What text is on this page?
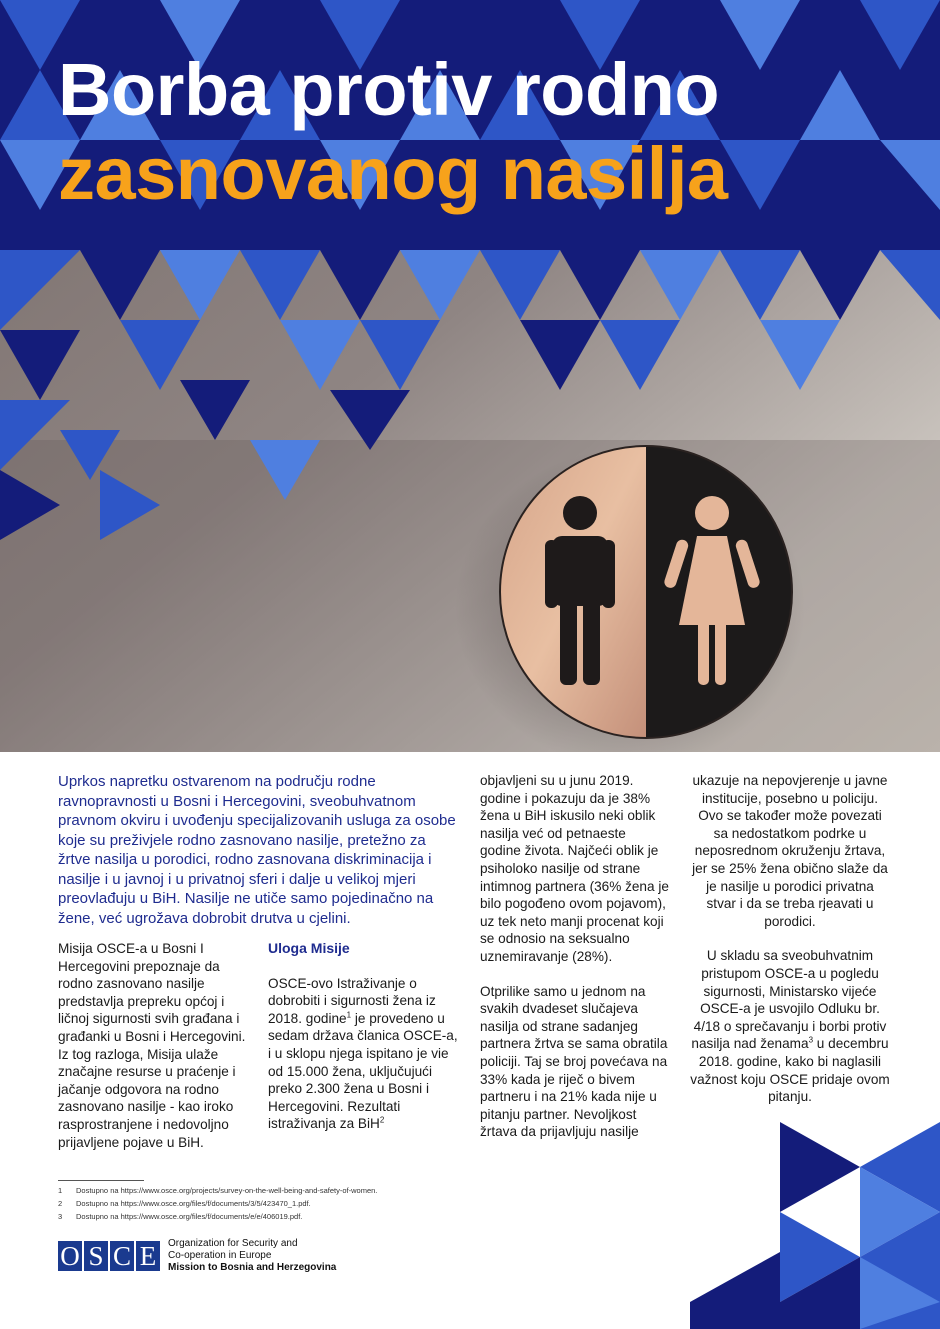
Borba protiv rodno
zasnovanog nasilja

Uprkos napretku ostvarenom na području rodne ravnopravnosti u Bosni i Hercegovini, sveobuhvatnom pravnom okviru i uvođenju specijalizovanih usluga za osobe koje su preživjele rodno zasnovano nasilje, pretežno za žrtve nasilja u porodici, rodno zasnovana diskriminacija i nasilje i u javnoj i u privatnoj sferi i dalje u velikoj mjeri preovlađuju u BiH. Nasilje ne utiče samo pojedinačno na žene, već ugrožava dobrobit drutva u cjelini.

Misija OSCE-a u Bosni I Hercegovini prepoznaje da rodno zasnovano nasilje predstavlja prepreku općoj i ličnoj sigurnosti svih građana i građanki u Bosni i Hercegovini. Iz tog razloga, Misija ulaže značajne resurse u praćenje i jačanje odgovora na rodno zasnovano nasilje - kao iroko rasprostranjene i nedovoljno prijavljene pojave u BiH.

Uloga Misije

OSCE-ovo Istraživanje o dobrobiti i sigurnosti žena iz 2018. godine$^1$ je provedeno u sedam država članica OSCE-a, i u sklopu njega ispitano je vie od 15.000 žena, uključujući preko 2.300 žena u Bosni i Hercegovini. Rezultati istraživanja za BiH$^2$

objavljeni su u junu 2019. godine i pokazuju da je 38% žena u BiH iskusilo neki oblik nasilja već od petnaeste godine života. Najčeći oblik je psiholoko nasilje od strane intimnog partnera (36% žena je bilo pogođeno ovom pojavom), uz tek neto manji procenat koji se odnosio na seksualno uznemiravanje (28%).

Otprilike samo u jednom na svakih dvadeset slučajeva nasilja od strane sadanjeg partnera žrtva se sama obratila policiji. Taj se broj povećava na 33% kada je riječ o bivem partneru i na 21% kada nije u pitanju partner. Nevoljkost žrtava da prijavljuju nasilje

ukazuje na nepovjerenje u javne institucije, posebno u policiju. Ovo se također može povezati sa nedostatkom podrke u neposrednom okruženju žrtava, jer se 25% žena obično slaže da je nasilje u porodici privatna stvar i da se treba rjeavati u porodici.

U skladu sa sveobuhvatnim pristupom OSCE-a u pogledu sigurnosti, Ministarsko vijeće OSCE-a je usvojilo Odluku br. 4/18 o sprečavanju i borbi protiv nasilja nad ženama$^3$ u decembru 2018. godine, kako bi naglasili važnost koju OSCE pridaje ovom pitanju.

1 Dostupno na https://www.osce.org/projects/survey-on-the-well-being-and-safety-of-women.
2 Dostupno na https://www.osce.org/files/f/documents/3/5/423470_1.pdf.
3 Dostupno na https://www.osce.org/files/f/documents/e/e/406019.pdf.
O S C E	Organization for Security and
Co-operation in Europe
Mission to Bosnia and Herzegovina
